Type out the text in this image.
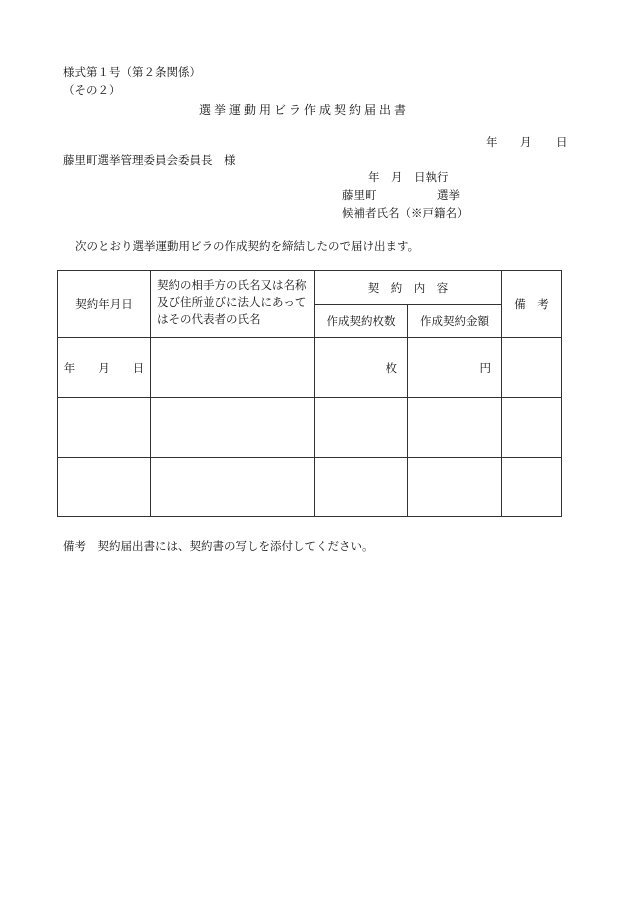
様式第１号（第２条関係）
（その２）
選挙運動用ビラ作成契約届出書
年 月 日
藤里町選挙管理委員会委員長　様
年　月　日執行
藤里町	選挙
候補者氏名（※戸籍名）
次のとおり選挙運動用ビラの作成契約を締結したので届け出ます。
契約年月日	契約の相手方の氏名又は名称及び住所並びに法人にあってはその代表者の氏名	契　約　内　容		備　考
		作成契約枚数	作成契約金額	
年　　月　　日		枚	円	

備考　契約届出書には、契約書の写しを添付してください。
